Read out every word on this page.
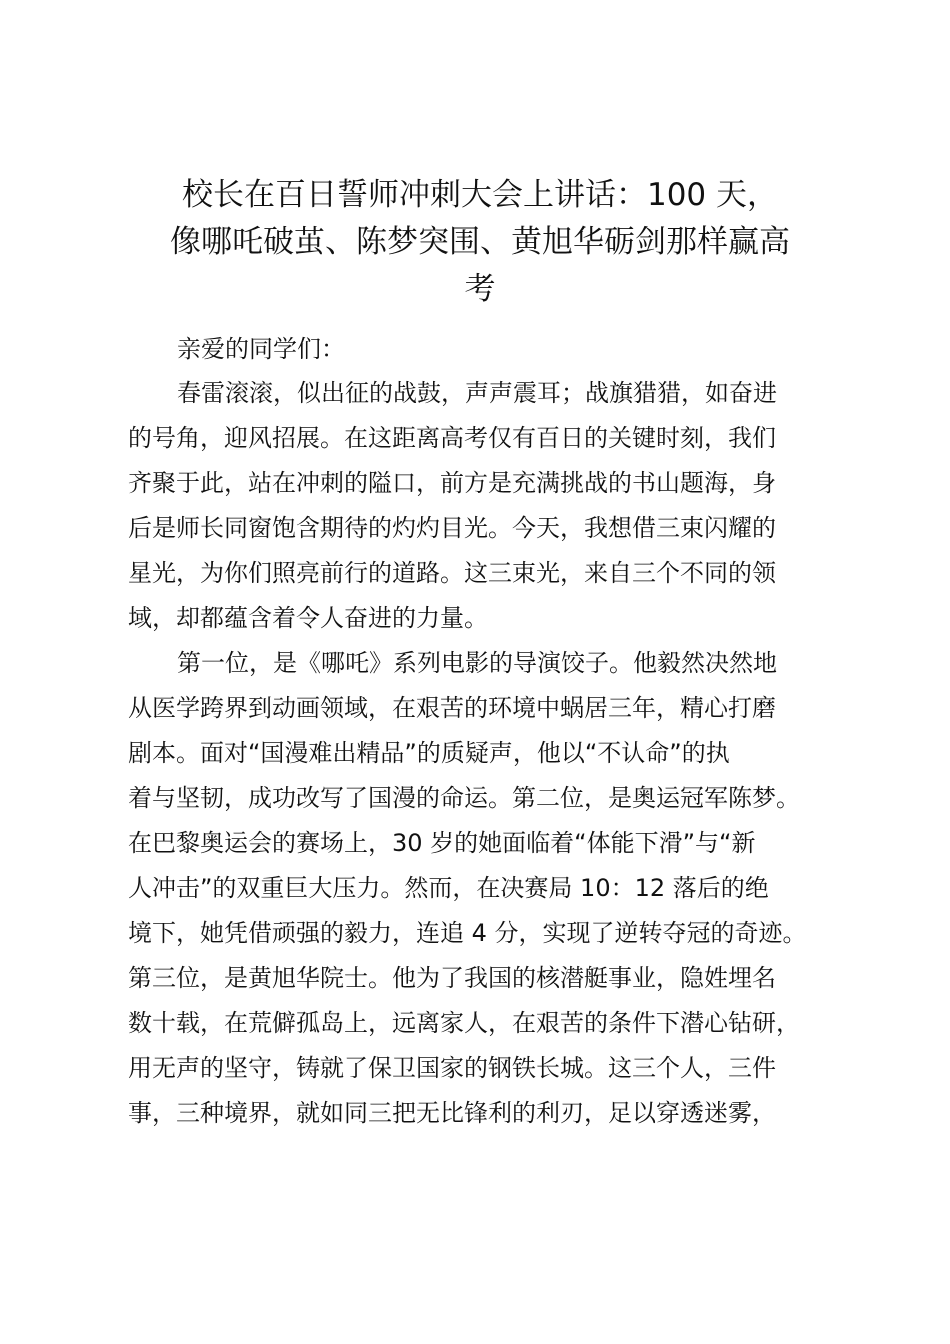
校长在百日誓师冲刺大会上讲话：100 天，
像哪吒破茧、陈梦突围、黄旭华砺剑那样赢高
考
亲爱的同学们：
春雷滚滚，似出征的战鼓，声声震耳；战旗猎猎，如奋进
的号角，迎风招展。在这距离高考仅有百日的关键时刻，我们
齐聚于此，站在冲刺的隘口，前方是充满挑战的书山题海，身
后是师长同窗饱含期待的灼灼目光。今天，我想借三束闪耀的
星光，为你们照亮前行的道路。这三束光，来自三个不同的领
域，却都蕴含着令人奋进的力量。
第一位，是《哪吒》系列电影的导演饺子。他毅然决然地
从医学跨界到动画领域，在艰苦的环境中蜗居三年，精心打磨
剧本。面对“国漫难出精品”的质疑声，他以“不认命”的执
着与坚韧，成功改写了国漫的命运。第二位，是奥运冠军陈梦。
在巴黎奥运会的赛场上，30 岁的她面临着“体能下滑”与“新
人冲击”的双重巨大压力。然而，在决赛局 10：12 落后的绝
境下，她凭借顽强的毅力，连追 4 分，实现了逆转夺冠的奇迹。
第三位，是黄旭华院士。他为了我国的核潜艇事业，隐姓埋名
数十载，在荒僻孤岛上，远离家人，在艰苦的条件下潜心钻研，
用无声的坚守，铸就了保卫国家的钢铁长城。这三个人，三件
事，三种境界，就如同三把无比锋利的利刃，足以穿透迷雾，
